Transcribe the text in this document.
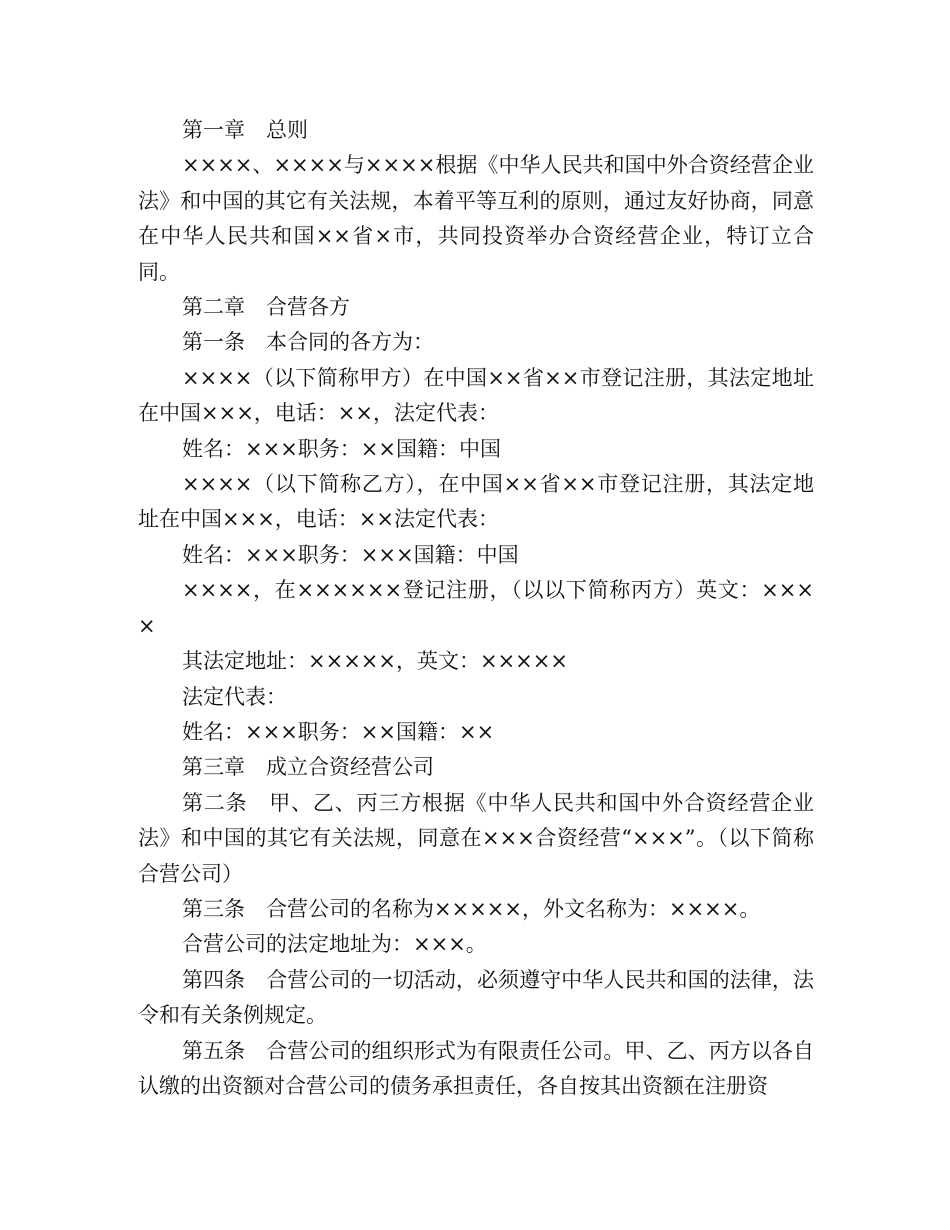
第一章　总则

××××、××××与××××根据《中华人民共和国中外合资经营企业法》和中国的其它有关法规，本着平等互利的原则，通过友好协商，同意在中华人民共和国××省×市，共同投资举办合资经营企业，特订立合同。

第二章　合营各方

第一条　本合同的各方为：

××××（以下简称甲方）在中国××省××市登记注册，其法定地址在中国×××，电话：××，法定代表：

姓名：×××职务：××国籍：中国

××××（以下简称乙方），在中国××省××市登记注册，其法定地址在中国×××，电话：××法定代表：

姓名：×××职务：×××国籍：中国

××××，在××××××登记注册，（以以下简称丙方）英文：××××

其法定地址：×××××，英文：×××××

法定代表：

姓名：×××职务：××国籍：××

第三章　成立合资经营公司

第二条　甲、乙、丙三方根据《中华人民共和国中外合资经营企业法》和中国的其它有关法规，同意在×××合资经营“×××”。（以下简称合营公司）

第三条　合营公司的名称为×××××，外文名称为：××××。

合营公司的法定地址为：×××。

第四条　合营公司的一切活动，必须遵守中华人民共和国的法律，法令和有关条例规定。

第五条　合营公司的组织形式为有限责任公司。甲、乙、丙方以各自认缴的出资额对合营公司的债务承担责任，各自按其出资额在注册资
